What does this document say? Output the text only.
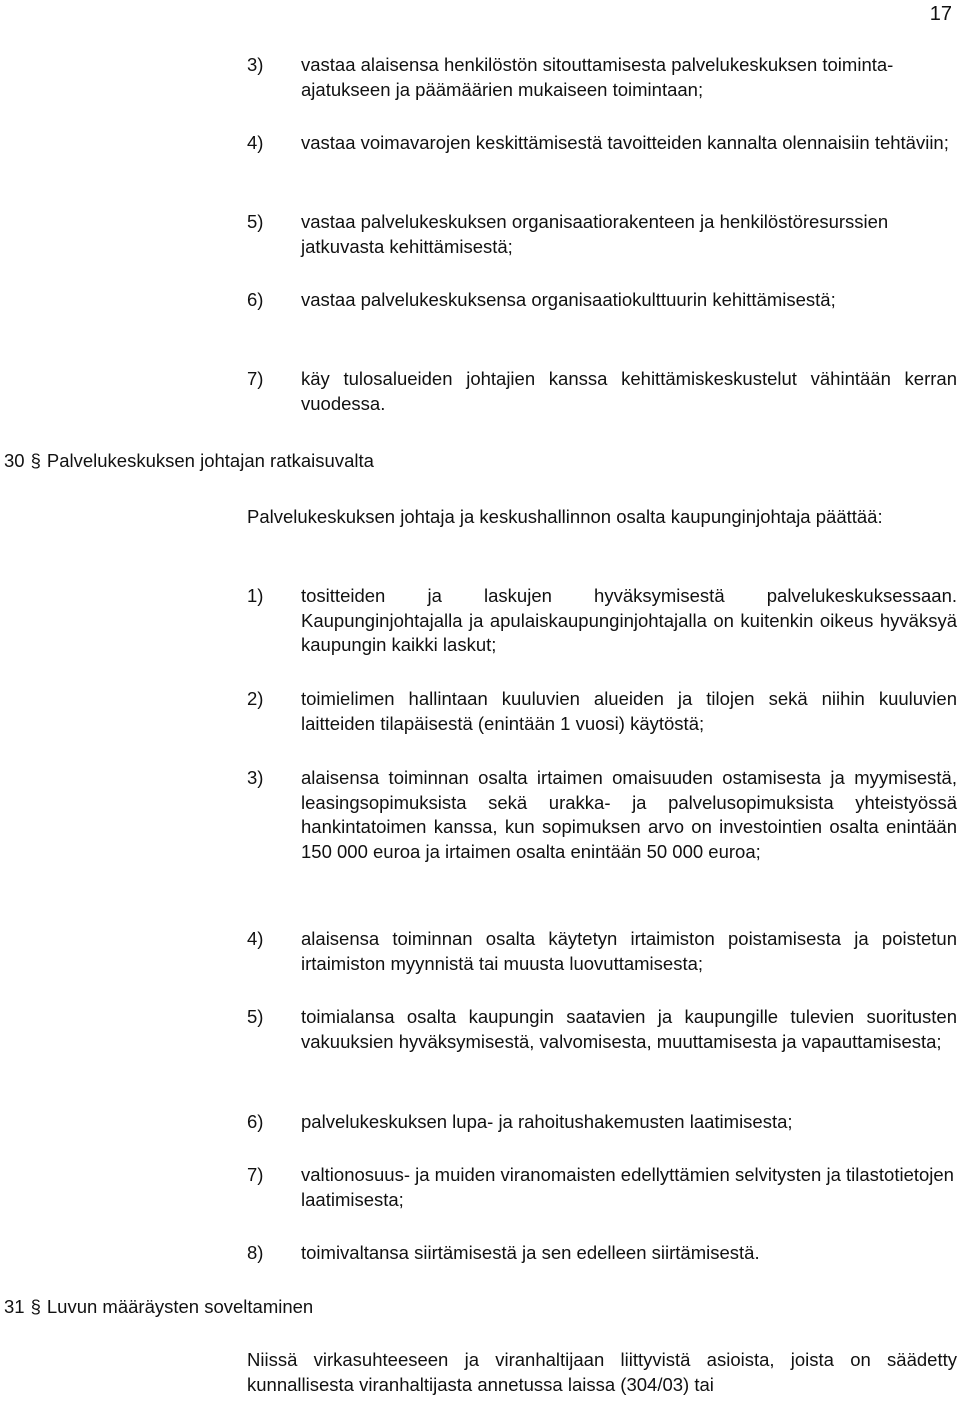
17
3) vastaa alaisensa henkilöstön sitouttamisesta palvelukeskuksen toiminta-ajatukseen ja päämäärien mukaiseen toimintaan;
4) vastaa voimavarojen keskittämisestä tavoitteiden kannalta olennaisiin tehtäviin;
5) vastaa palvelukeskuksen organisaatiorakenteen ja henkilöstöresurssien jatkuvasta kehittämisestä;
6) vastaa palvelukeskuksensa organisaatiokulttuurin kehittämisestä;
7) käy tulosalueiden johtajien kanssa kehittämiskeskustelut vähintään kerran vuodessa.
30 § Palvelukeskuksen johtajan ratkaisuvalta
Palvelukeskuksen johtaja ja keskushallinnon osalta kaupunginjohtaja päättää:
1) tositteiden ja laskujen hyväksymisestä palvelukeskuksessaan. Kaupunginjohtajalla ja apulaiskaupunginjohtajalla on kuitenkin oikeus hyväksyä kaupungin kaikki laskut;
2) toimielimen hallintaan kuuluvien alueiden ja tilojen sekä niihin kuuluvien laitteiden tilapäisestä (enintään 1 vuosi) käytöstä;
3) alaisensa toiminnan osalta irtaimen omaisuuden ostamisesta ja myymisestä, leasingsopimuksista sekä urakka- ja palvelusopimuksista yhteistyössä hankintatoimen kanssa, kun sopimuksen arvo on investointien osalta enintään 150 000 euroa ja irtaimen osalta enintään 50 000 euroa;
4) alaisensa toiminnan osalta käytetyn irtaimiston poistamisesta ja poistetun irtaimiston myynnistä tai muusta luovuttamisesta;
5) toimialansa osalta kaupungin saatavien ja kaupungille tulevien suoritusten vakuuksien hyväksymisestä, valvomisesta, muuttamisesta ja vapauttamisesta;
6) palvelukeskuksen lupa- ja rahoitushakemusten laatimisesta;
7) valtionosuus- ja muiden viranomaisten edellyttämien selvitysten ja tilastotietojen laatimisesta;
8) toimivaltansa siirtämisestä ja sen edelleen siirtämisestä.
31 § Luvun määräysten soveltaminen
Niissä virkasuhteeseen ja viranhaltijaan liittyvistä asioista, joista on säädetty kunnallisesta viranhaltijasta annetussa laissa (304/03) tai
